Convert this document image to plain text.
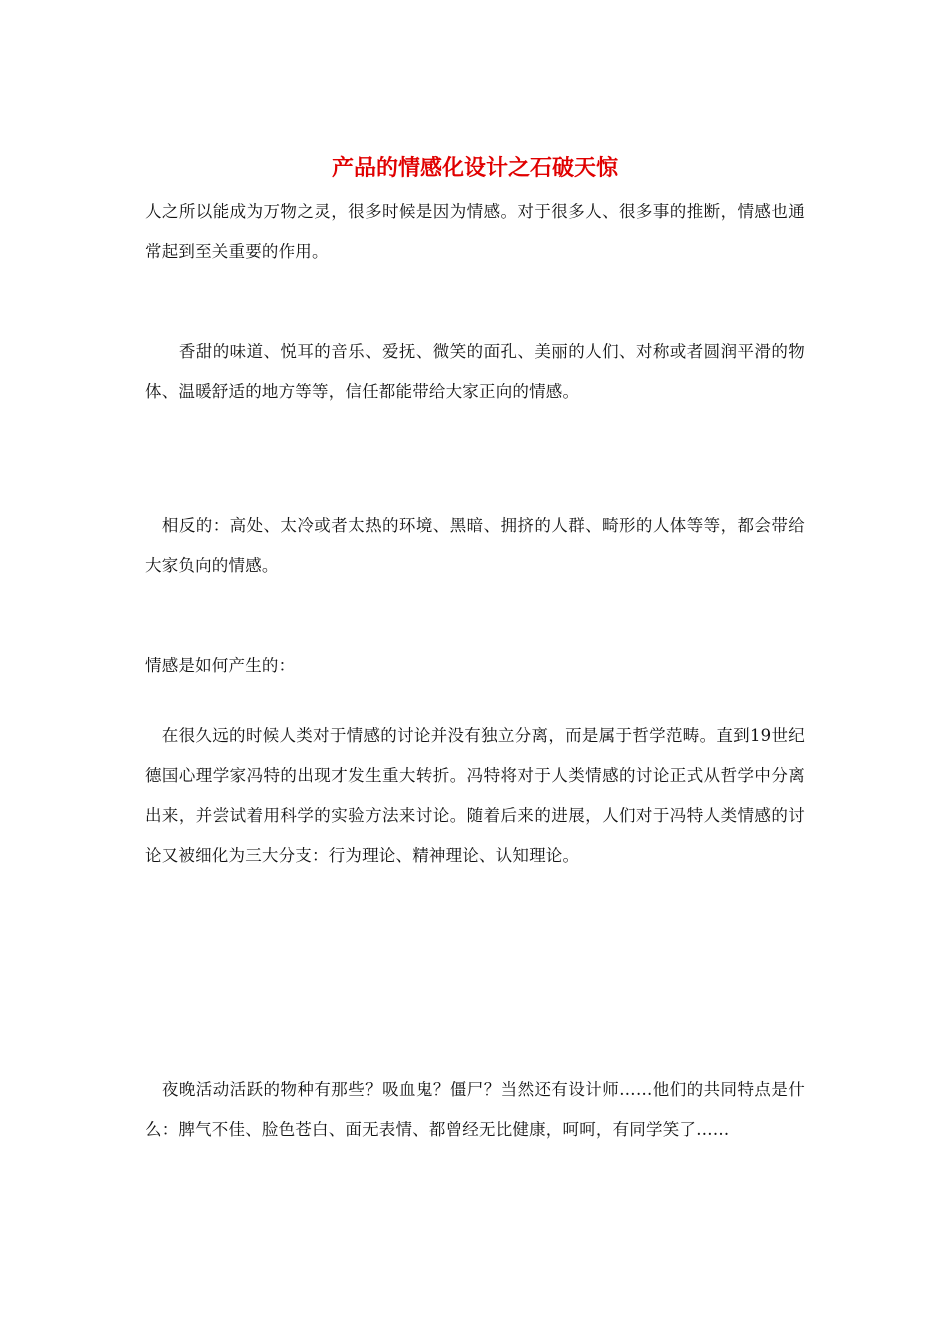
产品的情感化设计之石破天惊

人之所以能成为万物之灵，很多时候是因为情感。对于很多人、很多事的推断，情感也通常起到至关重要的作用。

　　香甜的味道、悦耳的音乐、爱抚、微笑的面孔、美丽的人们、对称或者圆润平滑的物体、温暖舒适的地方等等，信任都能带给大家正向的情感。

　相反的：高处、太冷或者太热的环境、黑暗、拥挤的人群、畸形的人体等等，都会带给大家负向的情感。

情感是如何产生的：

　在很久远的时候人类对于情感的讨论并没有独立分离，而是属于哲学范畴。直到19世纪德国心理学家冯特的出现才发生重大转折。冯特将对于人类情感的讨论正式从哲学中分离出来，并尝试着用科学的实验方法来讨论。随着后来的进展，人们对于冯特人类情感的讨论又被细化为三大分支：行为理论、精神理论、认知理论。

　夜晚活动活跃的物种有那些？吸血鬼？僵尸？当然还有设计师……他们的共同特点是什么：脾气不佳、脸色苍白、面无表情、都曾经无比健康，呵呵，有同学笑了……
